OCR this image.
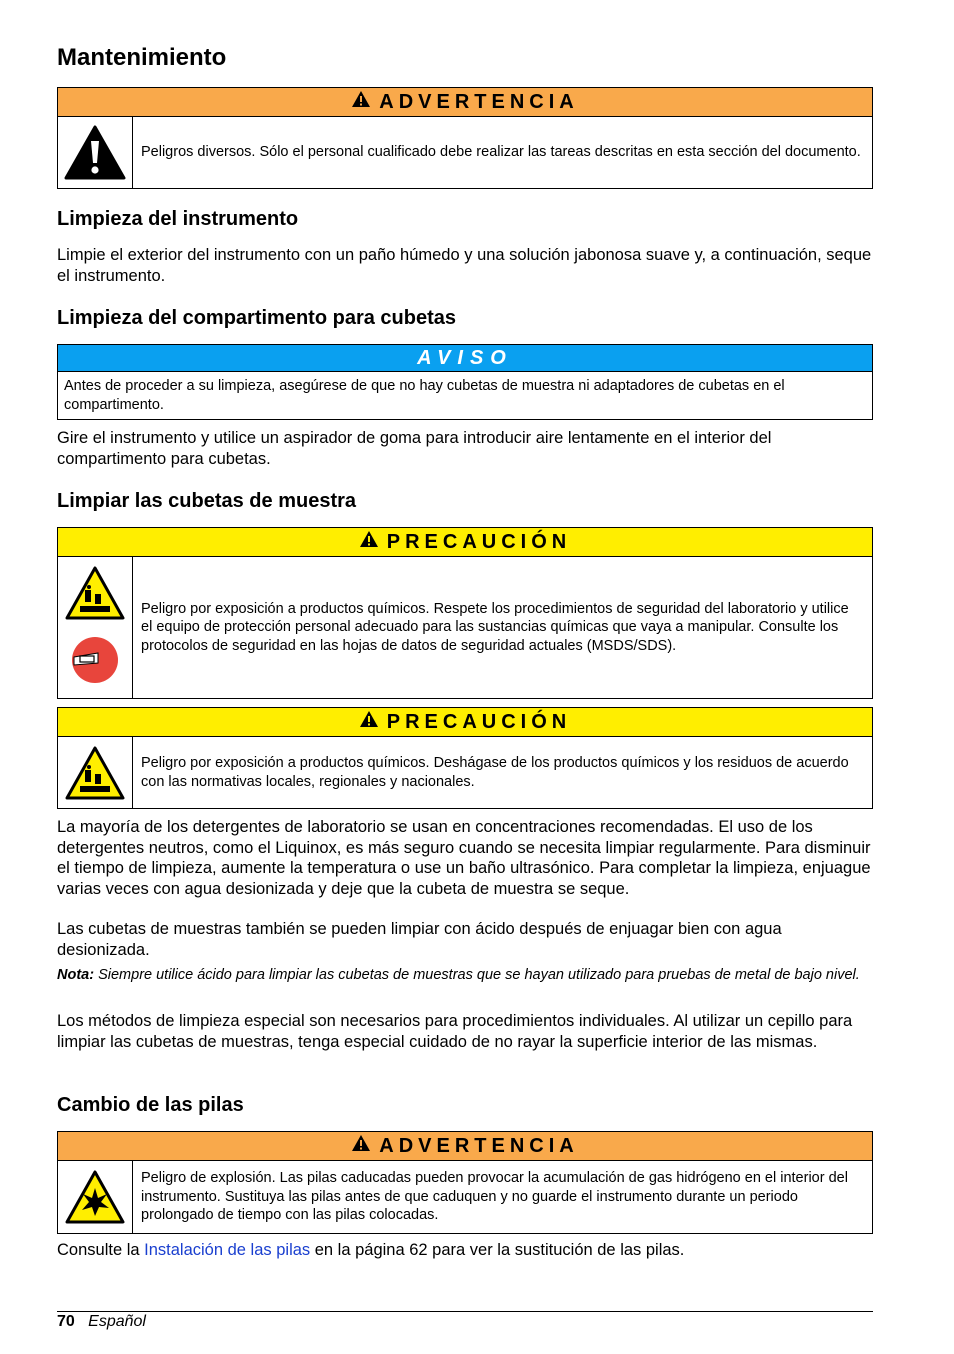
Mantenimiento
ADVERTENCIA
Peligros diversos. Sólo el personal cualificado debe realizar las tareas descritas en esta sección del documento.
Limpieza del instrumento

Limpie el exterior del instrumento con un paño húmedo y una solución jabonosa suave y, a continuación, seque el instrumento.

Limpieza del compartimento para cubetas
AVISO
Antes de proceder a su limpieza, asegúrese de que no hay cubetas de muestra ni adaptadores de cubetas en el compartimento.

Gire el instrumento y utilice un aspirador de goma para introducir aire lentamente en el interior del compartimento para cubetas.

Limpiar las cubetas de muestra
PRECAUCIÓN
Peligro por exposición a productos químicos. Respete los procedimientos de seguridad del laboratorio y utilice el equipo de protección personal adecuado para las sustancias químicas que vaya a manipular. Consulte los protocolos de seguridad en las hojas de datos de seguridad actuales (MSDS/SDS).
PRECAUCIÓN
Peligro por exposición a productos químicos. Deshágase de los productos químicos y los residuos de acuerdo con las normativas locales, regionales y nacionales.

La mayoría de los detergentes de laboratorio se usan en concentraciones recomendadas. El uso de los detergentes neutros, como el Liquinox, es más seguro cuando se necesita limpiar regularmente. Para disminuir el tiempo de limpieza, aumente la temperatura o use un baño ultrasónico. Para completar la limpieza, enjuague varias veces con agua desionizada y deje que la cubeta de muestra se seque.

Las cubetas de muestras también se pueden limpiar con ácido después de enjuagar bien con agua desionizada.

Nota: Siempre utilice ácido para limpiar las cubetas de muestras que se hayan utilizado para pruebas de metal de bajo nivel.

Los métodos de limpieza especial son necesarios para procedimientos individuales. Al utilizar un cepillo para limpiar las cubetas de muestras, tenga especial cuidado de no rayar la superficie interior de las mismas.

Cambio de las pilas
ADVERTENCIA
Peligro de explosión. Las pilas caducadas pueden provocar la acumulación de gas hidrógeno en el interior del instrumento. Sustituya las pilas antes de que caduquen y no guarde el instrumento durante un periodo prolongado de tiempo con las pilas colocadas.

Consulte la Instalación de las pilas en la página 62 para ver la sustitución de las pilas.

70 Español
